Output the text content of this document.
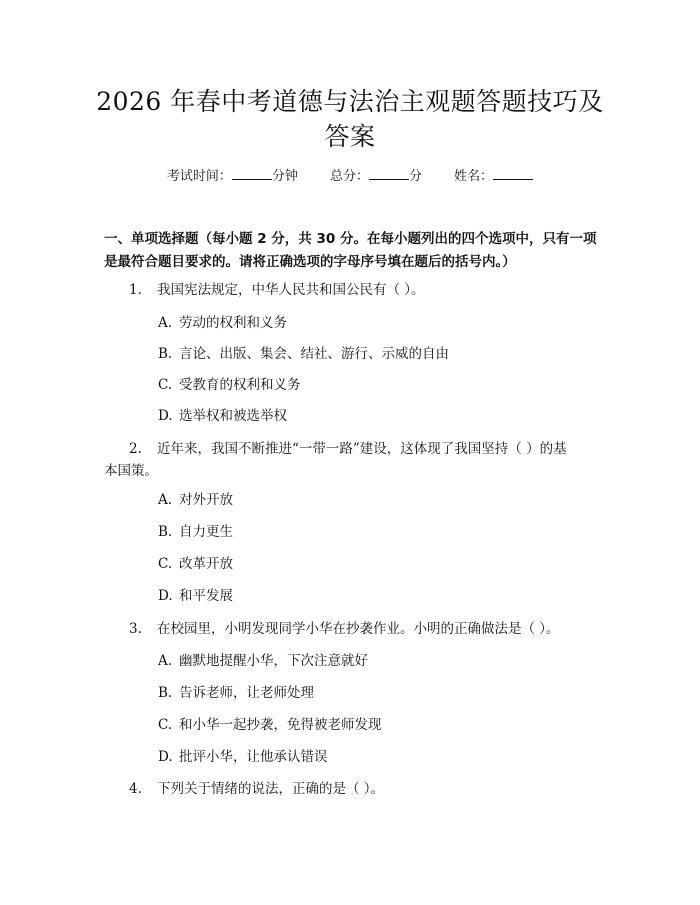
2026 年春中考道德与法治主观题答题技巧及
答案
考试时间：	分钟 总分：	分 姓名：
一、单项选择题（每小题 2 分，共 30 分。在每小题列出的四个选项中，只有一项
是最符合题目要求的。请将正确选项的字母序号填在题后的括号内。）
1. 我国宪法规定，中华人民共和国公民有（ ）。
A. 劳动的权利和义务
B. 言论、出版、集会、结社、游行、示威的自由
C. 受教育的权利和义务
D. 选举权和被选举权
2. 近年来，我国不断推进“一带一路”建设，这体现了我国坚持（ ）的基
本国策。
A. 对外开放
B. 自力更生
C. 改革开放
D. 和平发展
3. 在校园里，小明发现同学小华在抄袭作业。小明的正确做法是（ ）。
A. 幽默地提醒小华，下次注意就好
B. 告诉老师，让老师处理
C. 和小华一起抄袭，免得被老师发现
D. 批评小华，让他承认错误
4. 下列关于情绪的说法，正确的是（ ）。
